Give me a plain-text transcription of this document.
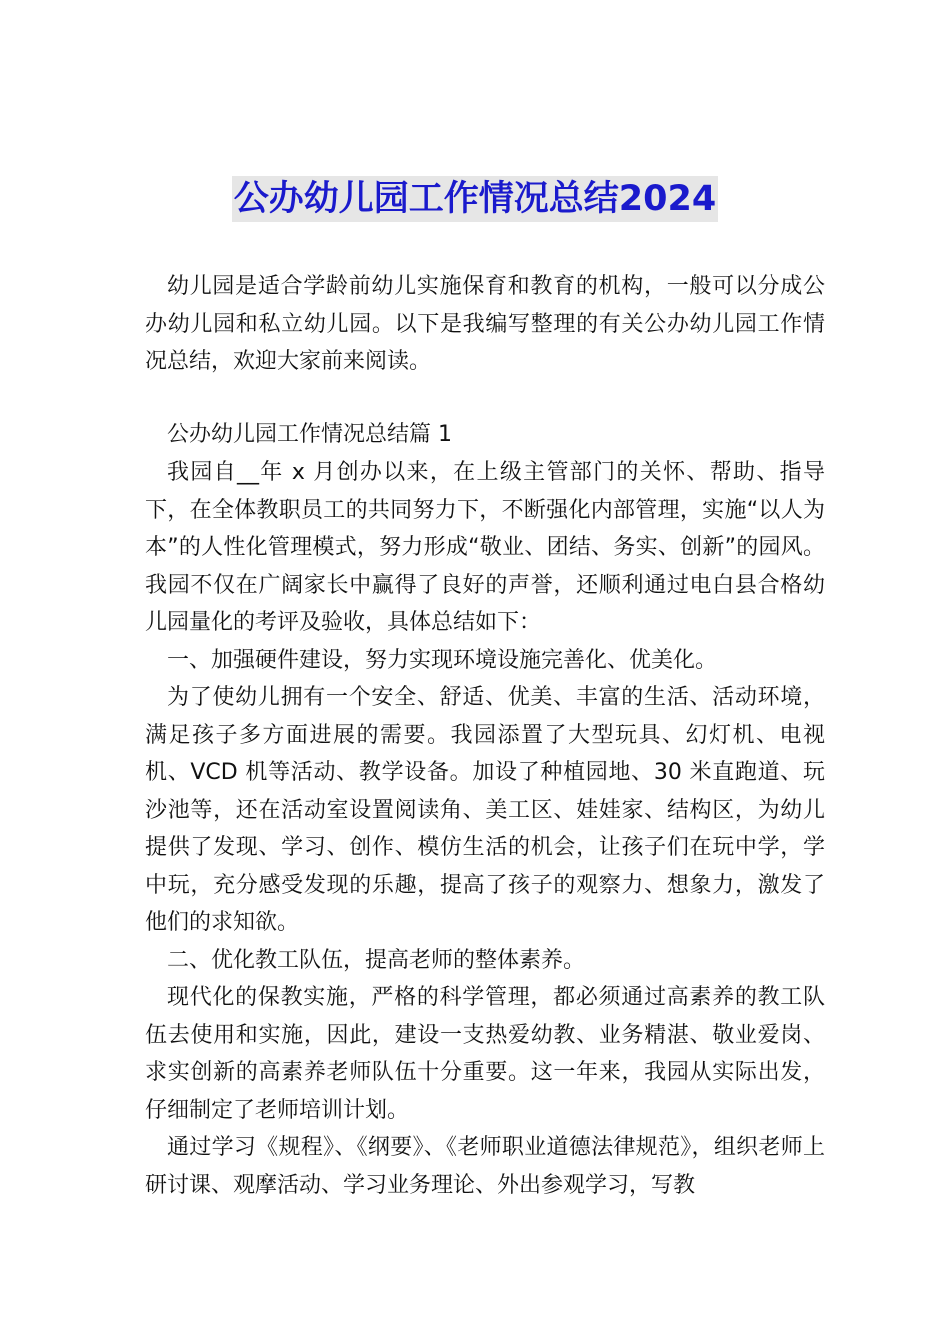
公办幼儿园工作情况总结2024

幼儿园是适合学龄前幼儿实施保育和教育的机构，一般可以分成公办幼儿园和私立幼儿园。以下是我编写整理的有关公办幼儿园工作情况总结，欢迎大家前来阅读。

公办幼儿园工作情况总结篇 1

我园自__年 x 月创办以来，在上级主管部门的关怀、帮助、指导下，在全体教职员工的共同努力下，不断强化内部管理，实施“以人为本”的人性化管理模式，努力形成“敬业、团结、务实、创新”的园风。我园不仅在广阔家长中赢得了良好的声誉，还顺利通过电白县合格幼儿园量化的考评及验收，具体总结如下：

一、加强硬件建设，努力实现环境设施完善化、优美化。

为了使幼儿拥有一个安全、舒适、优美、丰富的生活、活动环境，满足孩子多方面进展的需要。我园添置了大型玩具、幻灯机、电视机、VCD 机等活动、教学设备。加设了种植园地、30 米直跑道、玩沙池等，还在活动室设置阅读角、美工区、娃娃家、结构区，为幼儿提供了发现、学习、创作、模仿生活的机会，让孩子们在玩中学，学中玩，充分感受发现的乐趣，提高了孩子的观察力、想象力，激发了他们的求知欲。

二、优化教工队伍，提高老师的整体素养。

现代化的保教实施，严格的科学管理，都必须通过高素养的教工队伍去使用和实施，因此，建设一支热爱幼教、业务精湛、敬业爱岗、求实创新的高素养老师队伍十分重要。这一年来，我园从实际出发，仔细制定了老师培训计划。

通过学习《规程》、《纲要》、《老师职业道德法律规范》，组织老师上研讨课、观摩活动、学习业务理论、外出参观学习，写教
